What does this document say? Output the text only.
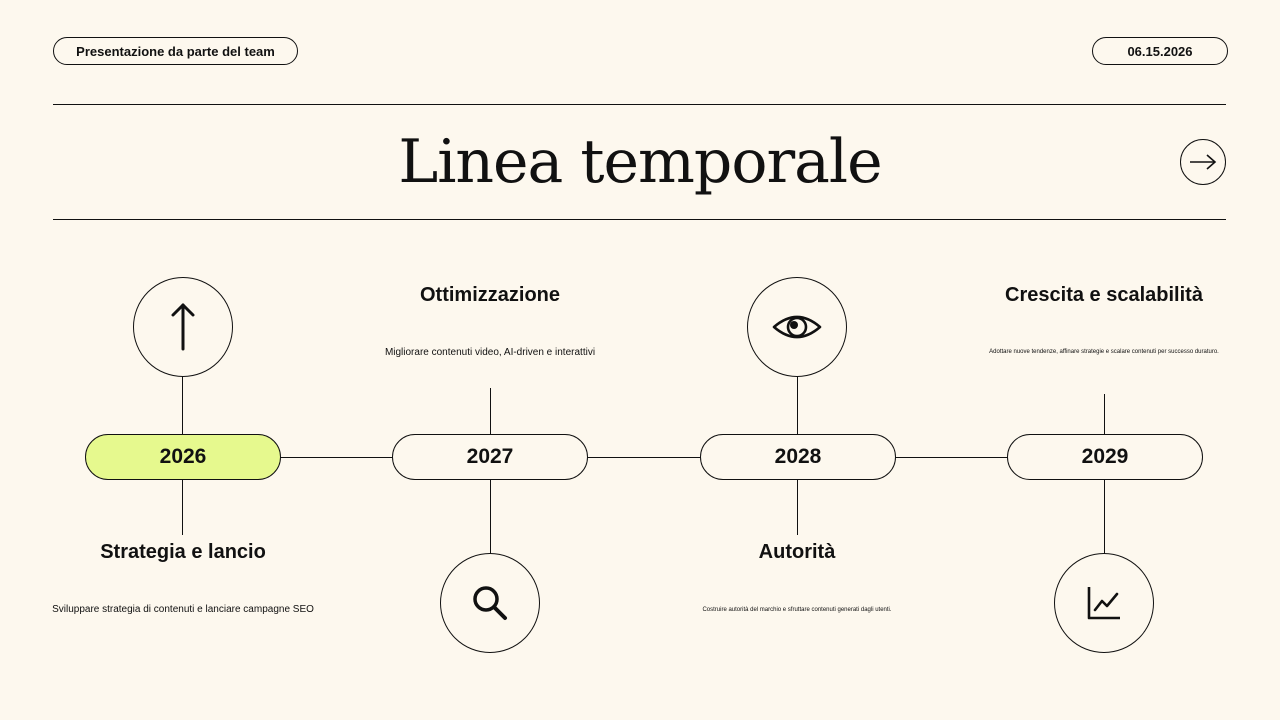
Presentazione da parte del team	06.15.2026
Linea temporale
2026
Strategia e lancio
Sviluppare strategia di contenuti e lanciare campagne SEO
Ottimizzazione
Migliorare contenuti video, AI-driven e interattivi
2027	2028
Autorità
Costruire autorità del marchio e sfruttare contenuti generati dagli utenti.
Crescita e scalabilità
Adottare nuove tendenze, affinare strategie e scalare contenuti per successo duraturo.
2029
